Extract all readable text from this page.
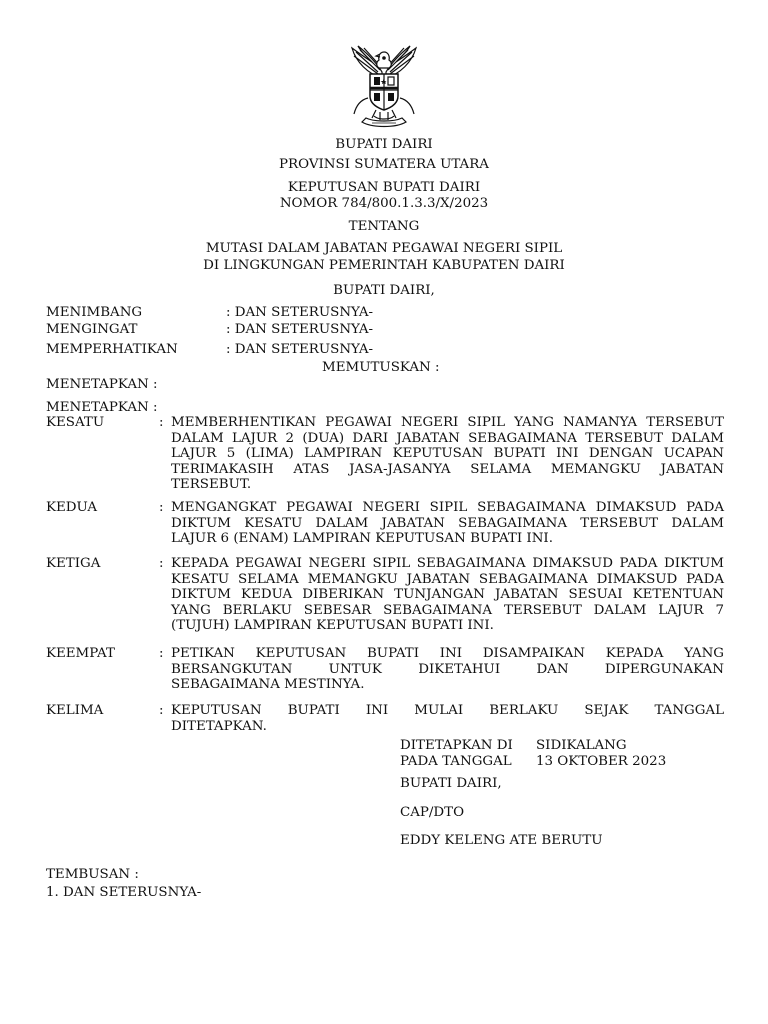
BUPATI DAIRI
PROVINSI SUMATERA UTARA
KEPUTUSAN BUPATI DAIRI
NOMOR 784/800.1.3.3/X/2023
TENTANG
MUTASI DALAM JABATAN PEGAWAI NEGERI SIPIL
DI LINGKUNGAN PEMERINTAH KABUPATEN DAIRI
BUPATI DAIRI,
MENIMBANG	: DAN SETERUSNYA-
MENGINGAT	: DAN SETERUSNYA-
MEMPERHATIKAN	: DAN SETERUSNYA-
MEMUTUSKAN :
MENETAPKAN :
MENETAPKAN :
KESATU	: MEMBERHENTIKAN PEGAWAI NEGERI SIPIL YANG NAMANYA TERSEBUT
DALAM LAJUR 2 (DUA) DARI JABATAN SEBAGAIMANA TERSEBUT DALAM
LAJUR 5 (LIMA) LAMPIRAN KEPUTUSAN BUPATI INI DENGAN UCAPAN
TERIMAKASIH ATAS JASA-JASANYA SELAMA MEMANGKU JABATAN
TERSEBUT.
KEDUA	: MENGANGKAT PEGAWAI NEGERI SIPIL SEBAGAIMANA DIMAKSUD PADA
DIKTUM KESATU DALAM JABATAN SEBAGAIMANA TERSEBUT DALAM
LAJUR 6 (ENAM) LAMPIRAN KEPUTUSAN BUPATI INI.
KETIGA	: KEPADA PEGAWAI NEGERI SIPIL SEBAGAIMANA DIMAKSUD PADA DIKTUM
KESATU SELAMA MEMANGKU JABATAN SEBAGAIMANA DIMAKSUD PADA
DIKTUM KEDUA DIBERIKAN TUNJANGAN JABATAN SESUAI KETENTUAN
YANG BERLAKU SEBESAR SEBAGAIMANA TERSEBUT DALAM LAJUR 7
(TUJUH) LAMPIRAN KEPUTUSAN BUPATI INI.
KEEMPAT	: PETIKAN KEPUTUSAN BUPATI INI DISAMPAIKAN KEPADA YANG
BERSANGKUTAN UNTUK DIKETAHUI DAN DIPERGUNAKAN
SEBAGAIMANA MESTINYA.
KELIMA	: KEPUTUSAN BUPATI INI MULAI BERLAKU SEJAK TANGGAL
DITETAPKAN.
DITETAPKAN DI SIDIKALANG
PADA TANGGAL 13 OKTOBER 2023
BUPATI DAIRI,
CAP/DTO
EDDY KELENG ATE BERUTU
TEMBUSAN :
1. DAN SETERUSNYA-
